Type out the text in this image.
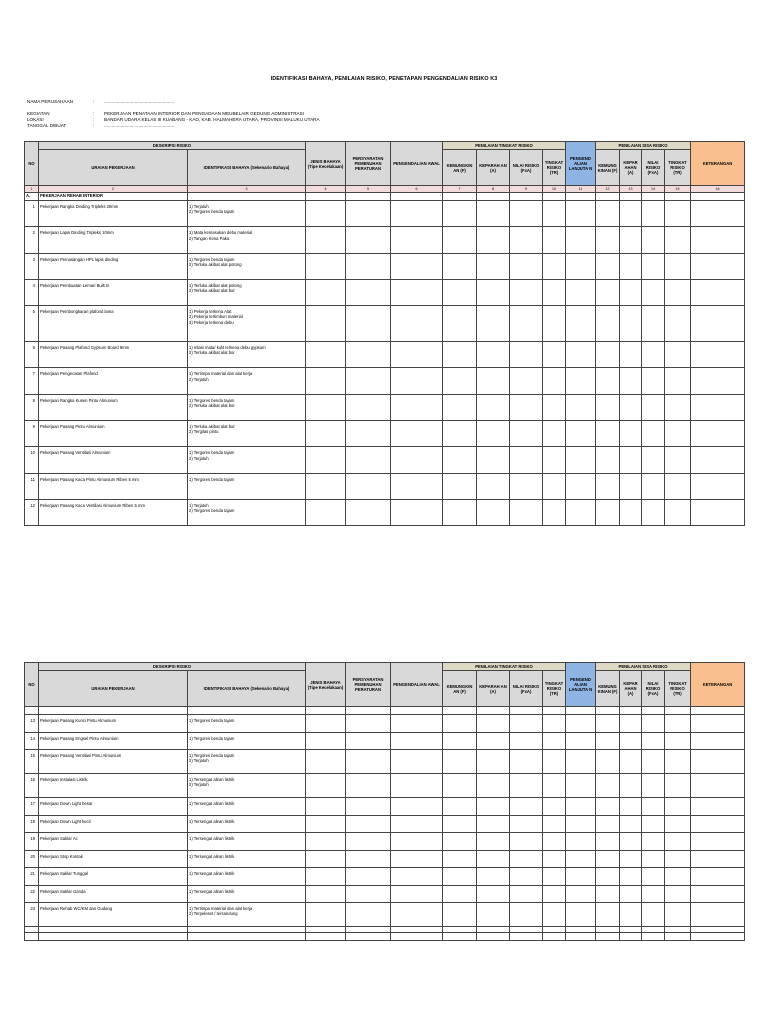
IDENTIFIKASI BAHAYA, PENILAIAN RISIKO, PENETAPAN PENGENDALIAN RISIKO K3
NAMA PERUSAHAAN	: .......................................................
KEGIATAN	: PEKERJAAN PENATAAN INTERIOR DAN PENGADAAN MEUBELAIR GEDUNG ADMINISTRASI
LOKASI	: BANDAR UDARA KELAS III KUABANG - KAO, KAB. HALMAHERA UTARA, PROVINSI MALUKU UTARA
TANGGAL DIBUAT	: .......................................................
NO	DESKRIPSI RISIKO		JENIS BAHAYA (Tipe Kecelakaan)	PERSYARATAN PEMENUHAN PERATURAN	PENGENDALIAN AWAL	PENILAIAN TINGKAT RISIKO				PENGEND ALIAN LANJUTA N	PENILAIAN SISA RISIKO				KETERANGAN
	URAIAN PEKERJAAN	IDENTIFIKASI BAHAYA (Sekenario Bahaya)				KEMUNGKIN AN (F)	KEPARAH AN (A)	NILAI RISIKO (FxA)	TINGKAT RISIKO (TR)		KEMUNG KINAN (F)	KEPAR AHAN (A)	NILAI RISIKO (FxA)	TINGKAT RISIKO (TR)	
1	2	3	4	5	6	7	8	9	10	11	12	13	14	15	16
A.	PEKERJAAN REHAB INTERIOR				-										
1	Pekerjaan Rangka Dinding Tripleks 20mm	1) Terjatuh
2) Tergores benda tajam													

2	Pekerjaan Lapis Dinding Tripleks 10mm	1) Mata kemasukan debu material
2) Tangan Kena Paku													

3	Pekerjaan Pemasangan HPL lapis dinding	1) Tergores benda tajam
2) Terluka akibat alat potong													

4	Pekerjaan Pembuatan Lemari Built In	1) Terluka akibat alat potong
2) Terluka akibat alat bor													

5	Pekerjaan Pembongkaran plafond lama	1) Pekerja terkena Alat
2) Pekerja tertimbun material
3) Pekerja terkena debu													

6	Pekerjaan Pasang Plafond Gypsum Board 9mm	1) Iritasi mata/ kulit terkena debu gypsum
2) Terluka akibat alat bor													

7	Pekerjaan Pengecatan Plafond	1) Tertimpa material dan alat kerja
2) Terjatuh													

8	Pekerjaan Rangka Kusen Pintu Almunium	1) Tergores benda tajam
2) Terluka akibat alat bor													

9	Pekerjaan Pasang Pintu Almunium	1) Terluka akibat alat bor
2) Tergilas pintu													

10	Pekerjaan Pasang Ventilasi Almunium	1) Tergores benda tajam
2) Terjatuh													

11	Pekerjaan Pasang Kaca Pintu Almunium Riben 5 mm	1) Tergores benda tajam													

12	Pekerjaan Pasang Kaca Ventilasi Almunium Riben 5 mm	1) Terjatuh
2) Tergores benda tajam													

NO	DESKRIPSI RISIKO		JENIS BAHAYA (Tipe Kecelakaan)	PERSYARATAN PEMENUHAN PERATURAN	PENGENDALIAN AWAL	PENILAIAN TINGKAT RISIKO				PENGEND ALIAN LANJUTA N	PENILAIAN SISA RISIKO				KETERANGAN
	URAIAN PEKERJAAN	IDENTIFIKASI BAHAYA (Sekenario Bahaya)				KEMUNGKIN AN (F)	KEPARAH AN (A)	NILAI RISIKO (FxA)	TINGKAT RISIKO (TR)		KEMUNG KINAN (F)	KEPAR AHAN (A)	NILAI RISIKO (FxA)	TINGKAT RISIKO (TR)	

13	Pekerjaan Pasang Kunci Pintu Almunium	1) Tergores benda tajam													

14	Pekerjaan Pasang Engsel Pintu Almunium	1) Tergores benda tajam													

15	Pekerjaan Pasang Ventilasi Pintu Almunium	1) Tergores benda tajam
2) Terjatuh													

16	Pekerjaan Instalasi Listrik	1) Tersengat aliran listrik
2) Terjatuh													

17	Pekerjaan Down Light besar	1) Tersengat aliran listrik													

18	Pekerjaan Down Light kecil	1) Tersengat aliran listrik													

19	Pekerjaan Saklar Ac	1) Tersengat aliran listrik													

20	Pekerjaan Stop Kontak	1) Tersengat aliran listrik													

21	Pekerjaan Saklar Tunggal	1) Tersengat aliran listrik													

22	Pekerjaan Saklar Ganda	1) Tersengat aliran listrik													

23	Pekerjaan Rehab WC/KM dan Gudang	1) Tertimpa material dan alat kerja
2) Terpeleset / tersandung													
